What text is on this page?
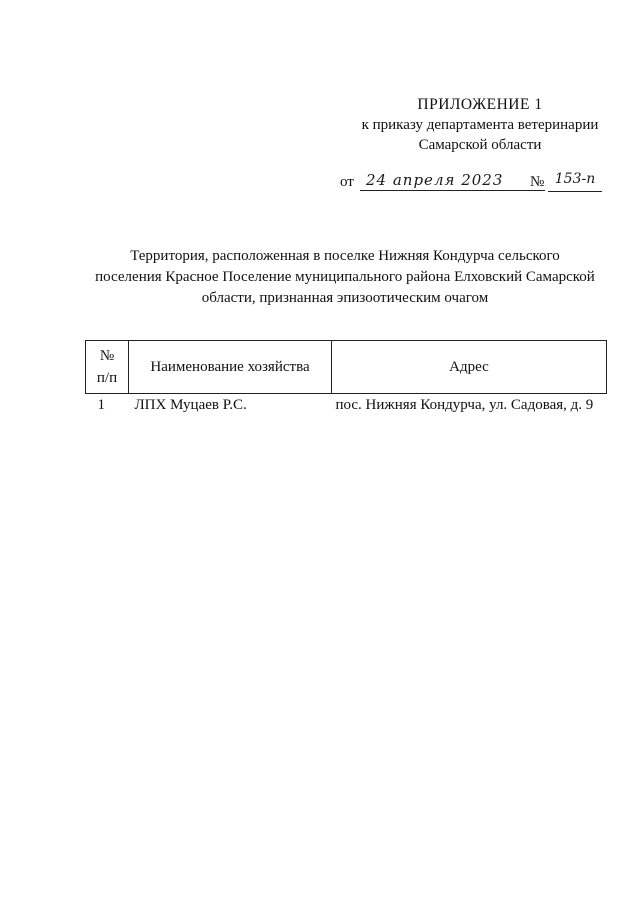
ПРИЛОЖЕНИЕ 1
к приказу департамента ветеринарии
Самарской области
от 24 апреля 2023	№ 153-п
Территория, расположенная в поселке Нижняя Кондурча сельского
поселения Красное Поселение муниципального района Елховский Самарской
области, признанная эпизоотическим очагом
№
п/п	Наименование хозяйства	Адрес
1	ЛПХ Муцаев Р.С.	пос. Нижняя Кондурча, ул. Садовая, д. 9
